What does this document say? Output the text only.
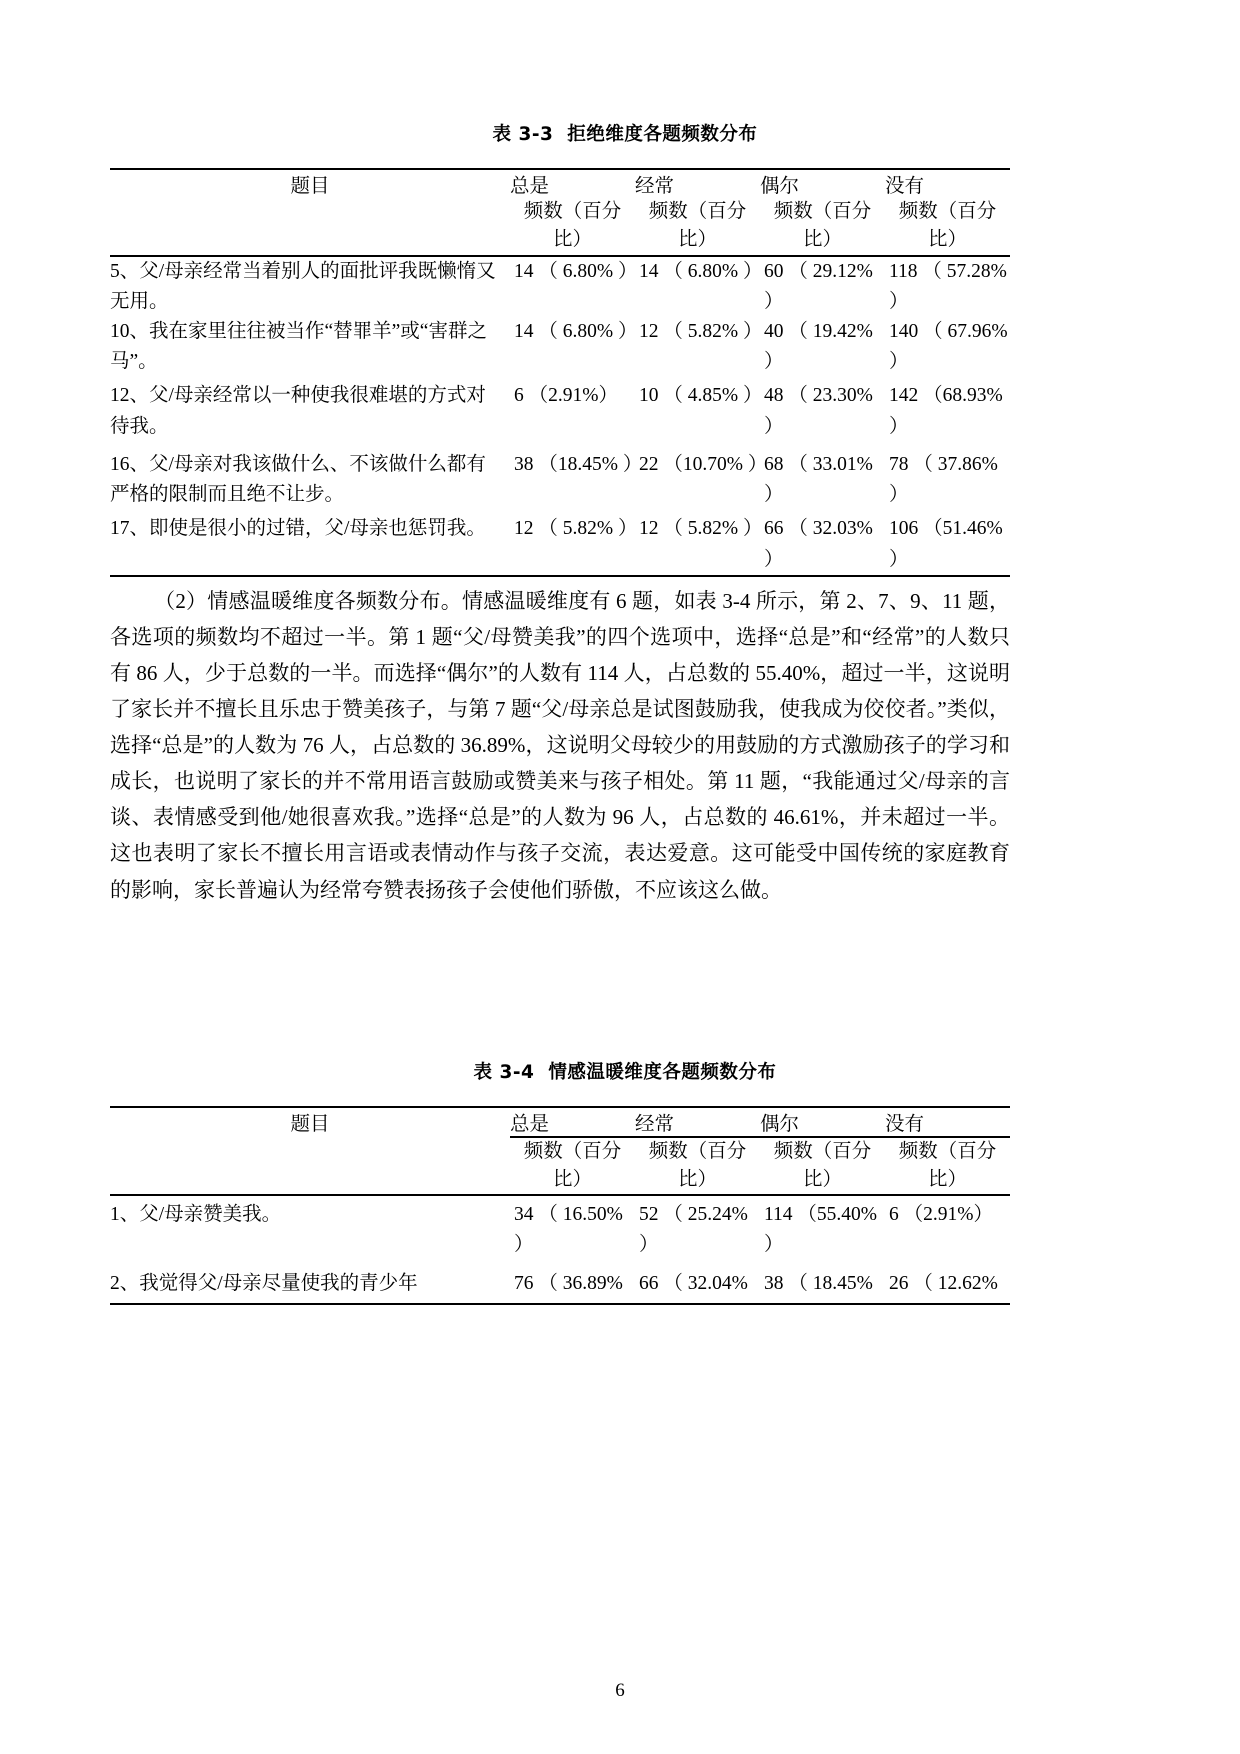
表 3-3 拒绝维度各题频数分布

题目	总是	经常	偶尔	没有
	频数（百分 比）	频数（百分 比）	频数（百分 比）	频数（百分 比）

5、父/母亲经常当着别人的面批评我既懒惰又无用。	14 （ 6.80% ）	14 （ 6.80% ）	60 （ 29.12% ）	118 （ 57.28% ）
10、我在家里往往被当作“替罪羊”或“害群之马”。	14 （ 6.80% ）	12 （ 5.82% ）	40 （ 19.42% ）	140 （ 67.96% ）
12、父/母亲经常以一种使我很难堪的方式对待我。	6 （2.91%）	10 （ 4.85% ）	48 （ 23.30% ）	142 （68.93% ）
16、父/母亲对我该做什么、不该做什么都有严格的限制而且绝不让步。	38 （18.45% ）	22 （10.70% ）	68 （ 33.01% ）	78 （ 37.86% ）
17、即使是很小的过错，父/母亲也惩罚我。	12 （ 5.82% ）	12 （ 5.82% ）	66 （ 32.03% ）	106 （51.46% ）

（2）情感温暖维度各频数分布。情感温暖维度有 6 题，如表 3-4 所示，第 2、7、9、11 题，各选项的频数均不超过一半。第 1 题“父/母赞美我”的四个选项中，选择“总是”和“经常”的人数只有 86 人，少于总数的一半。而选择“偶尔”的人数有 114 人，占总数的 55.40%，超过一半，这说明了家长并不擅长且乐忠于赞美孩子，与第 7 题“父/母亲总是试图鼓励我，使我成为佼佼者。”类似，选择“总是”的人数为 76 人，占总数的 36.89%，这说明父母较少的用鼓励的方式激励孩子的学习和成长，也说明了家长的并不常用语言鼓励或赞美来与孩子相处。第 11 题，“我能通过父/母亲的言谈、表情感受到他/她很喜欢我。”选择“总是”的人数为 96 人，占总数的 46.61%，并未超过一半。这也表明了家长不擅长用言语或表情动作与孩子交流，表达爱意。这可能受中国传统的家庭教育的影响，家长普遍认为经常夸赞表扬孩子会使他们骄傲，不应该这么做。

表 3-4 情感温暖维度各题频数分布

题目	总是	经常	偶尔	没有

	频数（百分 比）	频数（百分 比）	频数（百分 比）	频数（百分 比）

1、父/母亲赞美我。	34 （ 16.50% ）	52 （ 25.24% ）	114 （55.40% ）	6 （2.91%）
2、我觉得父/母亲尽量使我的青少年	76 （ 36.89%	66 （ 32.04%	38 （ 18.45%	26 （ 12.62%

6
